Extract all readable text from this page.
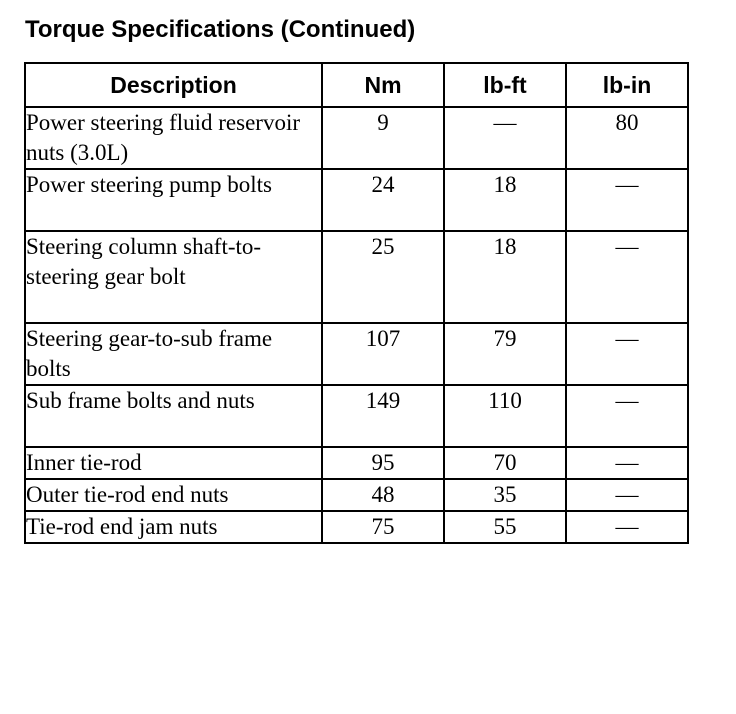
Torque Specifications (Continued)
Description	Nm	lb-ft	lb-in
Power steering fluid reservoir nuts (3.0L)	9	—	80
Power steering pump bolts	24	18	—
Steering column shaft-to-steering gear bolt	25	18	—
Steering gear-to-sub frame bolts	107	79	—
Sub frame bolts and nuts	149	110	—
Inner tie-rod	95	70	—
Outer tie-rod end nuts	48	35	—
Tie-rod end jam nuts	75	55	—
